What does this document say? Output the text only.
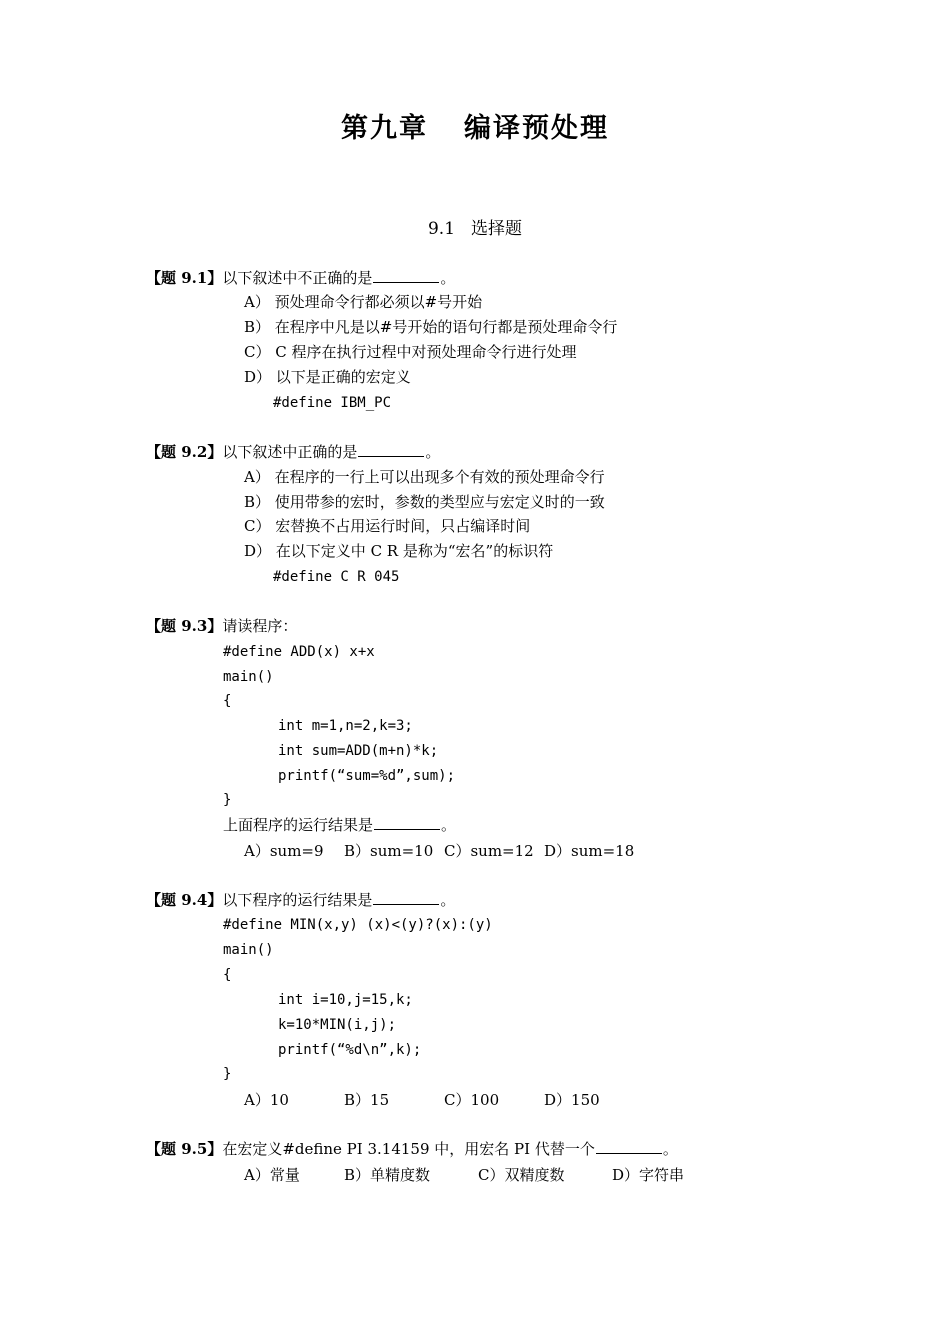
第九章 编译预处理
9.1 选择题
【题 9.1】以下叙述中不正确的是	。
A） 预处理命令行都必须以#号开始
B） 在程序中凡是以#号开始的语句行都是预处理命令行
C） C 程序在执行过程中对预处理命令行进行处理
D） 以下是正确的宏定义
#define IBM_PC
【题 9.2】以下叙述中正确的是	。
A） 在程序的一行上可以出现多个有效的预处理命令行
B） 使用带参的宏时，参数的类型应与宏定义时的一致
C） 宏替换不占用运行时间，只占编译时间
D） 在以下定义中 C R 是称为“宏名”的标识符
#define C R 045
【题 9.3】请读程序：
#define ADD(x) x+x
main()
{
int m=1,n=2,k=3;
int sum=ADD(m+n)*k;
printf(“sum=%d”,sum);
}
上面程序的运行结果是	。
A）sum=9 B）sum=10 C）sum=12 D）sum=18
【题 9.4】以下程序的运行结果是	。
#define MIN(x,y) (x)<(y)?(x):(y)
main()
{
int i=10,j=15,k;
k=10*MIN(i,j);
printf(“%d\n”,k);
}
A）10	B）15	C）100	D）150
【题 9.5】在宏定义#define PI 3.14159 中，用宏名 PI 代替一个	。
A）常量	B）单精度数	C）双精度数	D）字符串
